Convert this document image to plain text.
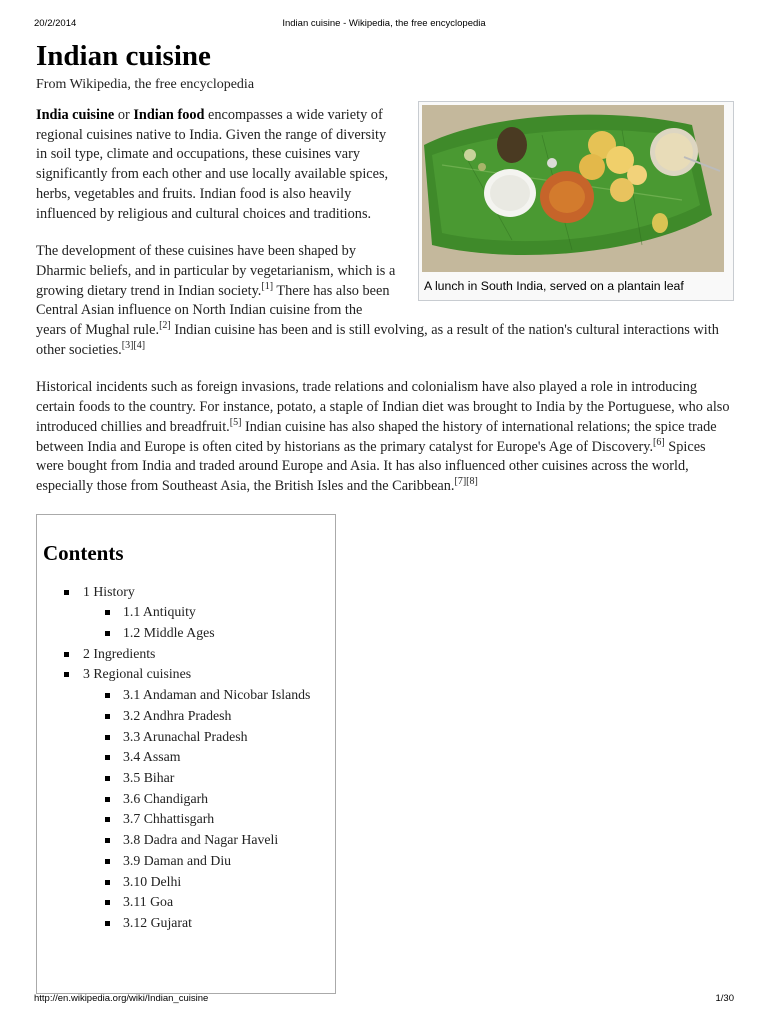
20/2/2014	Indian cuisine - Wikipedia, the free encyclopedia
Indian cuisine
From Wikipedia, the free encyclopedia
A lunch in South India, served on a plantain leaf

India cuisine or Indian food encompasses a wide variety of regional cuisines native to India. Given the range of diversity in soil type, climate and occupations, these cuisines vary significantly from each other and use locally available spices, herbs, vegetables and fruits. Indian food is also heavily influenced by religious and cultural choices and traditions.

The development of these cuisines have been shaped by Dharmic beliefs, and in particular by vegetarianism, which is a growing dietary trend in Indian society.[1] There has also been Central Asian influence on North Indian cuisine from the years of Mughal rule.[2] Indian cuisine has been and is still evolving, as a result of the nation's cultural interactions with other societies.[3][4]

Historical incidents such as foreign invasions, trade relations and colonialism have also played a role in introducing certain foods to the country. For instance, potato, a staple of Indian diet was brought to India by the Portuguese, who also introduced chillies and breadfruit.[5] Indian cuisine has also shaped the history of international relations; the spice trade between India and Europe is often cited by historians as the primary catalyst for Europe's Age of Discovery.[6] Spices were bought from India and traded around Europe and Asia. It has also influenced other cuisines across the world, especially those from Southeast Asia, the British Isles and the Caribbean.[7][8]

Contents
1 History
1.1 Antiquity
1.2 Middle Ages
2 Ingredients
3 Regional cuisines
3.1 Andaman and Nicobar Islands
3.2 Andhra Pradesh
3.3 Arunachal Pradesh
3.4 Assam
3.5 Bihar
3.6 Chandigarh
3.7 Chhattisgarh
3.8 Dadra and Nagar Haveli
3.9 Daman and Diu
3.10 Delhi
3.11 Goa
3.12 Gujarat
http://en.wikipedia.org/wiki/Indian_cuisine	1/30
